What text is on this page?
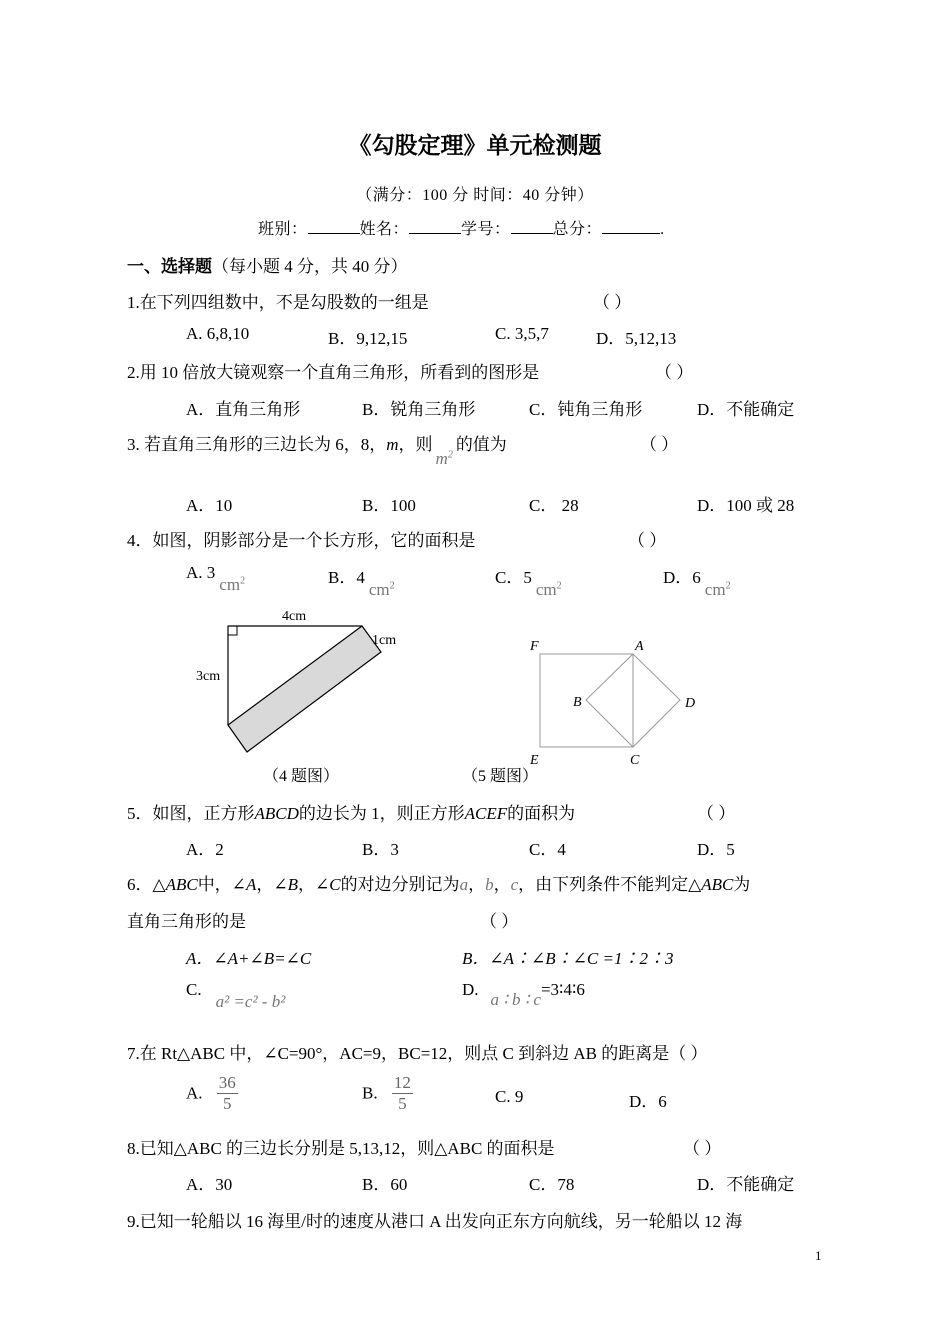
《勾股定理》单元检测题
（满分：100 分 时间：40 分钟）
班别：	姓名：	学号：	总分：	.
一、选择题（每小题 4 分，共 40 分）
1.在下列四组数中，不是勾股数的一组是	（ ）
A. 6,8,10	B．9,12,15	C. 3,5,7	D．5,12,13
2.用 10 倍放大镜观察一个直角三角形，所看到的图形是	（ ）
A．直角三角形	B．锐角三角形	C．钝角三角形	D．不能确定
3. 若直角三角形的三边长为 6，8，m，则$m^2$的值为	（ ）
A．10	B．100	C． 28	D．100 或 28
4．如图，阴影部分是一个长方形，它的面积是	（ ）
A. $3cm^2$	B．$4cm^2$	C．$5cm^2$	D．$6cm^2$
4cm
3cm
1cm	F	A
B	D
E	C
（4 题图）	（5 题图）
5．如图，正方形ABCD的边长为 1，则正方形ACEF的面积为	（ ）
A．2	B．3	C．4	D．5
6．△ABC中，∠A，∠B，∠C的对边分别记为a，b，c，由下列条件不能判定△ABC为
直角三角形的是	（ ）
A．∠A+∠B=∠C	B．∠A∶∠B∶∠C =1∶2∶3
C.a² =c² - b²
D.a ∶ b ∶ c=3∶4∶6
7.在 Rt△ABC 中，∠C=90°，AC=9，BC=12，则点 C 到斜边 AB 的距离是（ ）
A. $\frac{36}{5}$	B. $\frac{12}{5}$	C. 9	D．6
8.已知△ABC 的三边长分别是 5,13,12，则△ABC 的面积是	（ ）
A．30	B．60	C．78	D．不能确定
9.已知一轮船以 16 海里/时的速度从港口 A 出发向正东方向航线，另一轮船以 12 海
1
